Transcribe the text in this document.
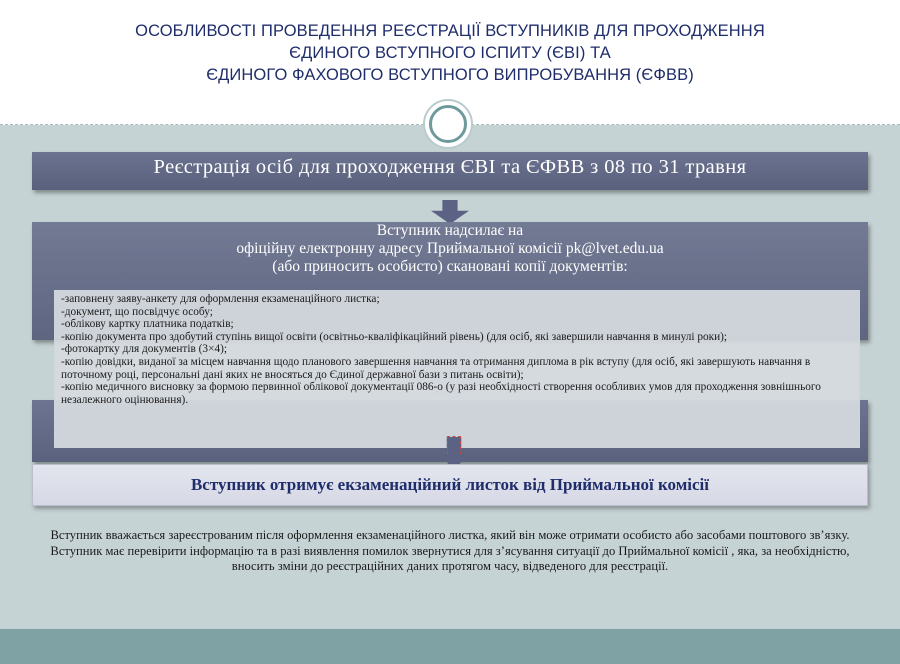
ОСОБЛИВОСТІ ПРОВЕДЕННЯ РЕЄСТРАЦІЇ ВСТУПНИКІВ ДЛЯ ПРОХОДЖЕННЯ
ЄДИНОГО ВСТУПНОГО ІСПИТУ (ЄВІ) ТА
ЄДИНОГО ФАХОВОГО ВСТУПНОГО ВИПРОБУВАННЯ (ЄФВВ)
Реєстрація осіб для проходження ЄВІ та ЄФВВ з 08 по 31 травня
Вступник надсилає на
офіційну електронну адресу Приймальної комісії pk@lvet.edu.ua
(або приносить особисто) скановані копії документів:
-заповнену заяву-анкету для оформлення екзаменаційного листка;
-документ, що посвідчує особу;
-облікову картку платника податків;
-копію документа про здобутий ступінь вищої освіти (освітньо-кваліфікаційний рівень) (для осіб, які завершили навчання в минулі роки);
-фотокартку для документів (3×4);
-копію довідки, виданої за місцем навчання щодо планового завершення навчання та отримання диплома в рік вступу (для осіб, які завершують навчання в поточному році, персональні дані яких не вносяться до Єдиної державної бази з питань освіти);
-копію медичного висновку за формою первинної облікової документації 086-о (у разі необхідності створення особливих умов для проходження зовнішнього незалежного оцінювання).
Вступник отримує екзаменаційний листок від Приймальної комісії
Вступник вважається зареєстрованим після оформлення екзаменаційного листка, який він може отримати особисто або засобами поштового зв’язку. Вступник має перевірити інформацію та в разі виявлення помилок звернутися для з’ясування ситуації до Приймальної комісії , яка, за необхідністю, вносить зміни до реєстраційних даних протягом часу, відведеного для реєстрації.
